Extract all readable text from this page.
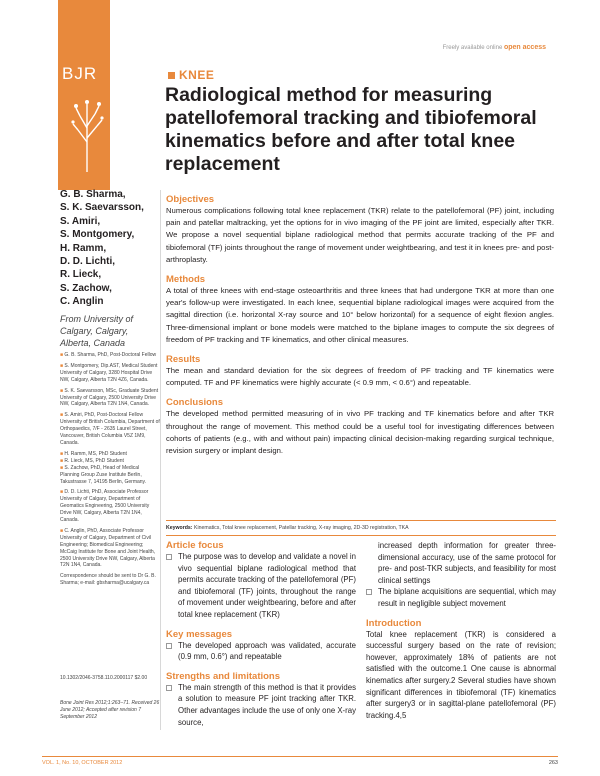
BJR
Freely available online open access
KNEE
Radiological method for measuring patellofemoral tracking and tibiofemoral kinematics before and after total knee replacement
G. B. Sharma,
S. K. Saevarsson,
S. Amiri,
S. Montgomery,
H. Ramm,
D. D. Lichti,
R. Lieck,
S. Zachow,
C. Anglin
From University of Calgary, Calgary, Alberta, Canada

■ G. B. Sharma, PhD, Post-Doctoral Fellow

■ S. Montgomery, Dip.AST, Medical Student University of Calgary, 3280 Hospital Drive NW, Calgary, Alberta T2N 4Z6, Canada.

■ S. K. Saevarsson, MSc, Graduate Student University of Calgary, 2500 University Drive NW, Calgary, Alberta T2N 1N4, Canada.

■ S. Amiri, PhD, Post-Doctoral Fellow University of British Columbia, Department of Orthopaedics, 7/F - 2635 Laurel Street, Vancouver, British Columbia V5Z 1M9, Canada.

■ H. Ramm, MS, PhD Student

■ R. Lieck, MS, PhD Student

■ S. Zachow, PhD, Head of Medical Planning Group Zuse Institute Berlin, Takustrasse 7, 14195 Berlin, Germany.

■ D. D. Lichti, PhD, Associate Professor University of Calgary, Department of Geomatics Engineering, 2500 University Drive NW, Calgary, Alberta T2N 1N4, Canada.

■ C. Anglin, PhD, Associate Professor University of Calgary, Department of Civil Engineering; Biomedical Engineering; McCaig Institute for Bone and Joint Health, 2500 University Drive NW, Calgary, Alberta T2N 1N4, Canada.

Correspondence should be sent to Dr G. B. Sharma; e-mail: gbsharma@ucalgary.ca

10.1302/2046-3758.110.2000117 $2.00
Bone Joint Res 2012;1:263–71. Received 26 June 2012; Accepted after revision 7 September 2012
Objectives

Numerous complications following total knee replacement (TKR) relate to the patellofemoral (PF) joint, including pain and patellar maltracking, yet the options for in vivo imaging of the PF joint are limited, especially after TKR. We propose a novel sequential biplane radiological method that permits accurate tracking of the PF and tibiofemoral (TF) joints throughout the range of movement under weightbearing, and test it in knees pre- and post-arthroplasty.

Methods

A total of three knees with end-stage osteoarthritis and three knees that had undergone TKR at more than one year's follow-up were investigated. In each knee, sequential biplane radiological images were acquired from the sagittal direction (i.e. horizontal X-ray source and 10° below horizontal) for a sequence of eight flexion angles. Three-dimensional implant or bone models were matched to the biplane images to compute the six degrees of freedom of PF tracking and TF kinematics, and other clinical measures.

Results

The mean and standard deviation for the six degrees of freedom of PF tracking and TF kinematics were computed. TF and PF kinematics were highly accurate (< 0.9 mm, < 0.6°) and repeatable.

Conclusions

The developed method permitted measuring of in vivo PF tracking and TF kinematics before and after TKR throughout the range of movement. This method could be a useful tool for investigating differences between cohorts of patients (e.g., with and without pain) impacting clinical decision-making regarding surgical technique, revision surgery or implant design.

Keywords: Kinematics, Total knee replacement, Patellar tracking, X-ray imaging, 2D-3D registration, TKA
Article focus

The purpose was to develop and validate a novel in vivo sequential biplane radiological method that permits accurate tracking of the patellofemoral (PF) and tibiofemoral (TF) joints, throughout the range of movement under weightbearing, before and after total knee replacement (TKR)

Key messages

The developed approach was validated, accurate (0.9 mm, 0.6°) and repeatable

Strengths and limitations

The main strength of this method is that it provides a solution to measure PF joint tracking after TKR. Other advantages include the use of only one X-ray source,

increased depth information for greater three-dimensional accuracy, use of the same protocol for pre- and post-TKR subjects, and feasibility for most clinical settings

The biplane acquisitions are sequential, which may result in negligible subject movement

Introduction

Total knee replacement (TKR) is considered a successful surgery based on the rate of revision; however, approximately 18% of patients are not satisfied with the outcome.1 One cause is abnormal kinematics after surgery.2 Several studies have shown significant differences in tibiofemoral (TF) kinematics after surgery3 or in sagittal-plane patellofemoral (PF) tracking.4,5

VOL. 1, No. 10, OCTOBER 2012	263
